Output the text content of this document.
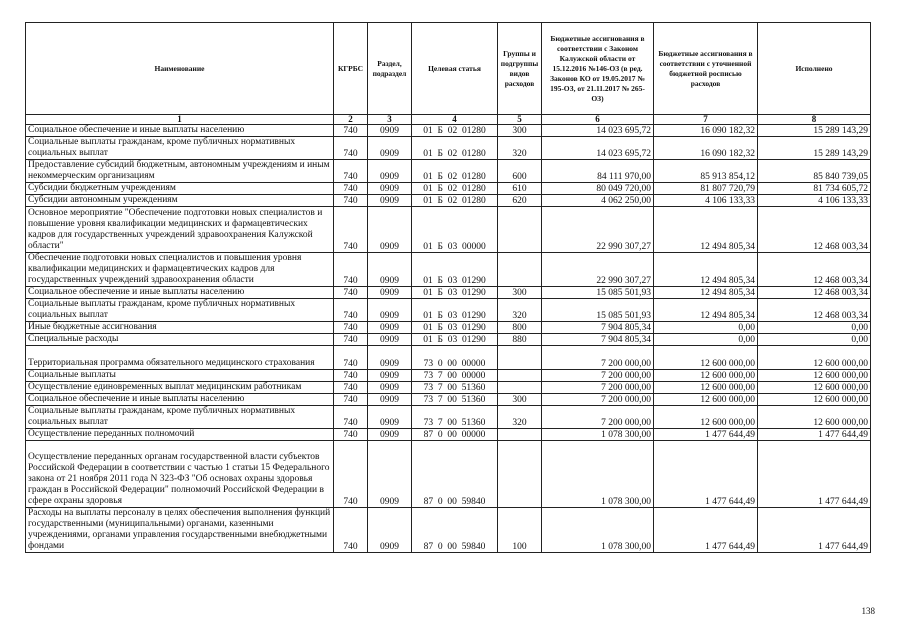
Наименование	КГРБС	Раздел, подраздел	Целевая статья	Группы и подгруппы видов расходов	Бюджетные ассигнования в соответствии с Законом Калужской области от 15.12.2016 №146-ОЗ (в ред. Законов КО от 19.05.2017 № 195-ОЗ, от 21.11.2017 № 265-ОЗ)	Бюджетные ассигнования в соответствии с уточненной бюджетной росписью расходов	Исполнено
1	2	3	4	5	6	7	8
Социальное обеспечение и иные выплаты населению	740	0909	01  Б  02  01280	300	14 023 695,72	16 090 182,32	15 289 143,29
Социальные выплаты гражданам, кроме публичных нормативных социальных выплат	740	0909	01  Б  02  01280	320	14 023 695,72	16 090 182,32	15 289 143,29
Предоставление субсидий бюджетным, автономным учреждениям и иным некоммерческим организациям	740	0909	01  Б  02  01280	600	84 111 970,00	85 913 854,12	85 840 739,05
Субсидии бюджетным учреждениям	740	0909	01  Б  02  01280	610	80 049 720,00	81 807 720,79	81 734 605,72
Субсидии автономным учреждениям	740	0909	01  Б  02  01280	620	4 062 250,00	4 106 133,33	4 106 133,33
Основное мероприятие "Обеспечение подготовки новых специалистов и повышение уровня квалификации медицинских и фармацевтических кадров для государственных учреждений здравоохранения Калужской области"	740	0909	01  Б  03  00000		22 990 307,27	12 494 805,34	12 468 003,34
Обеспечение подготовки новых специалистов и повышения уровня квалификации медицинских и фармацевтических кадров для государственных учреждений здравоохранения области	740	0909	01  Б  03  01290		22 990 307,27	12 494 805,34	12 468 003,34
Социальное обеспечение и иные выплаты населению	740	0909	01  Б  03  01290	300	15 085 501,93	12 494 805,34	12 468 003,34
Социальные выплаты гражданам, кроме публичных нормативных социальных выплат	740	0909	01  Б  03  01290	320	15 085 501,93	12 494 805,34	12 468 003,34
Иные бюджетные ассигнования	740	0909	01  Б  03  01290	800	7 904 805,34	0,00	0,00
Специальные расходы	740	0909	01  Б  03  01290	880	7 904 805,34	0,00	0,00
Территориальная программа обязательного медицинского страхования	740	0909	73  0  00  00000		7 200 000,00	12 600 000,00	12 600 000,00
Социальные выплаты	740	0909	73  7  00  00000		7 200 000,00	12 600 000,00	12 600 000,00
Осуществление единовременных выплат медицинским работникам	740	0909	73  7  00  51360		7 200 000,00	12 600 000,00	12 600 000,00
Социальное обеспечение и иные выплаты населению	740	0909	73  7  00  51360	300	7 200 000,00	12 600 000,00	12 600 000,00
Социальные выплаты гражданам, кроме публичных нормативных социальных выплат	740	0909	73  7  00  51360	320	7 200 000,00	12 600 000,00	12 600 000,00
Осуществление переданных полномочий	740	0909	87  0  00  00000		1 078 300,00	1 477 644,49	1 477 644,49
Осуществление переданных органам государственной власти субъектов Российской Федерации в соответствии с частью 1 статьи 15 Федерального закона от 21 ноября 2011 года N 323-ФЗ "Об основах охраны здоровья граждан в Российской Федерации" полномочий Российской Федерации в сфере охраны здоровья	740	0909	87  0  00  59840		1 078 300,00	1 477 644,49	1 477 644,49
Расходы на выплаты персоналу в целях обеспечения выполнения функций государственными (муниципальными) органами, казенными учреждениями, органами управления государственными внебюджетными фондами	740	0909	87  0  00  59840	100	1 078 300,00	1 477 644,49	1 477 644,49
138
